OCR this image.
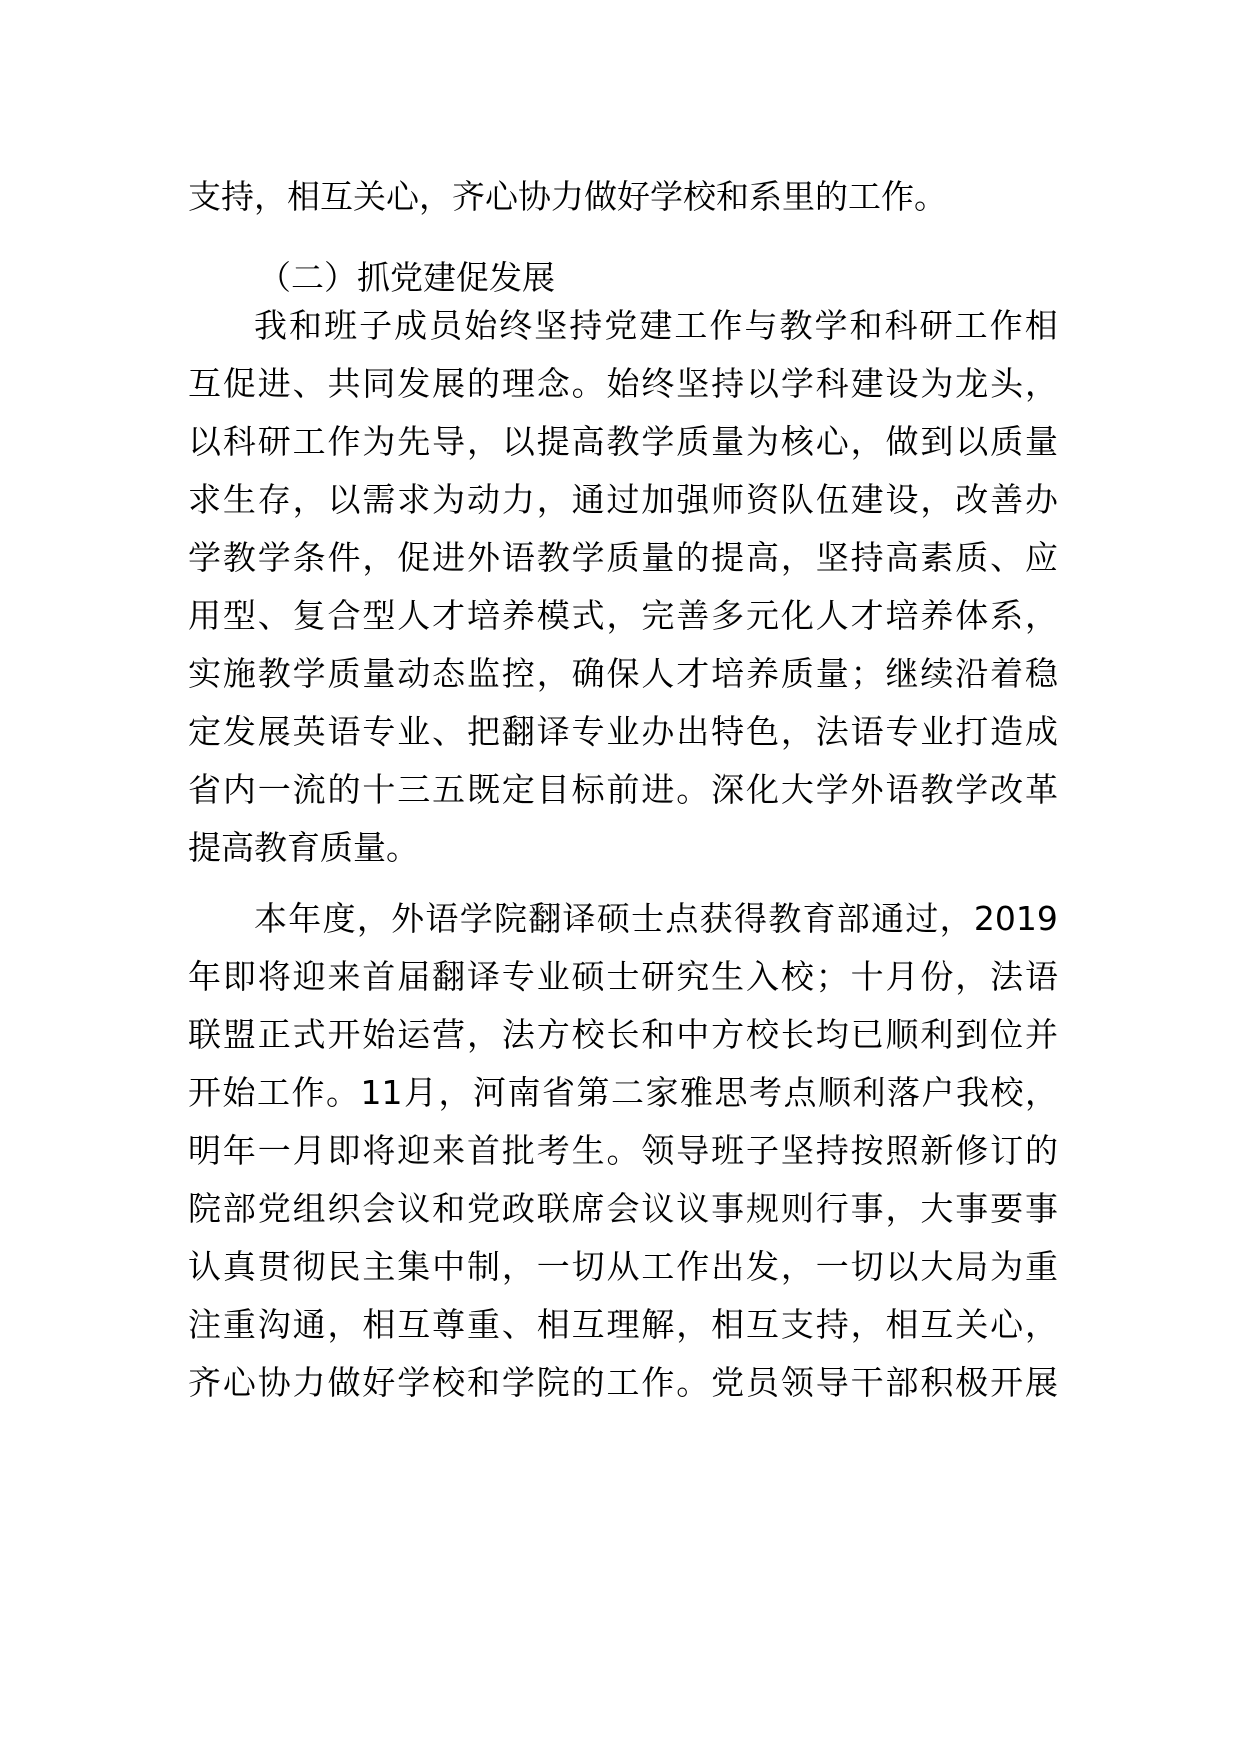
支持，相互关心，齐心协力做好学校和系里的工作。
（二）抓党建促发展
我 和 班 子 成 员 始 终 坚 持 党 建 工 作 与 教 学 和 科 研 工 作 相
互 促 进 、 共 同 发 展 的 理 念 。 始 终 坚 持 以 学 科 建 设 为 龙 头 ，
以 科 研 工 作 为 先 导 ， 以 提 高 教 学 质 量 为 核 心 ， 做 到 以 质 量
求 生 存 ， 以 需 求 为 动 力 ， 通 过 加 强 师 资 队 伍 建 设 ， 改 善 办
学 教 学 条 件 ， 促 进 外 语 教 学 质 量 的 提 高 ， 坚 持 高 素 质 、 应
用 型 、 复 合 型 人 才 培 养 模 式 ， 完 善 多 元 化 人 才 培 养 体 系 ，
实 施 教 学 质 量 动 态 监 控 ， 确 保 人 才 培 养 质 量 ； 继 续 沿 着 稳
定 发 展 英 语 专 业 、 把 翻 译 专 业 办 出 特 色 ， 法 语 专 业 打 造 成
省 内 一 流 的 十 三 五 既 定 目 标 前 进 。 深 化 大 学 外 语 教 学 改 革
提高教育质量。
本 年 度 ， 外 语 学 院 翻 译 硕 士 点 获 得 教 育 部 通 过 ， 2019
年 即 将 迎 来 首 届 翻 译 专 业 硕 士 研 究 生 入 校 ； 十 月 份 ， 法 语
联 盟 正 式 开 始 运 营 ， 法 方 校 长 和 中 方 校 长 均 已 顺 利 到 位 并
开 始 工 作 。 11 月 ， 河 南 省 第 二 家 雅 思 考 点 顺 利 落 户 我 校 ，
明 年 一 月 即 将 迎 来 首 批 考 生 。 领 导 班 子 坚 持 按 照 新 修 订 的
院 部 党 组 织 会 议 和 党 政 联 席 会 议 议 事 规 则 行 事 ， 大 事 要 事
认 真 贯 彻 民 主 集 中 制 ， 一 切 从 工 作 出 发 ， 一 切 以 大 局 为 重
注 重 沟 通 ， 相 互 尊 重 、 相 互 理 解 ， 相 互 支 持 ， 相 互 关 心 ，
齐 心 协 力 做 好 学 校 和 学 院 的 工 作 。 党 员 领 导 干 部 积 极 开 展
